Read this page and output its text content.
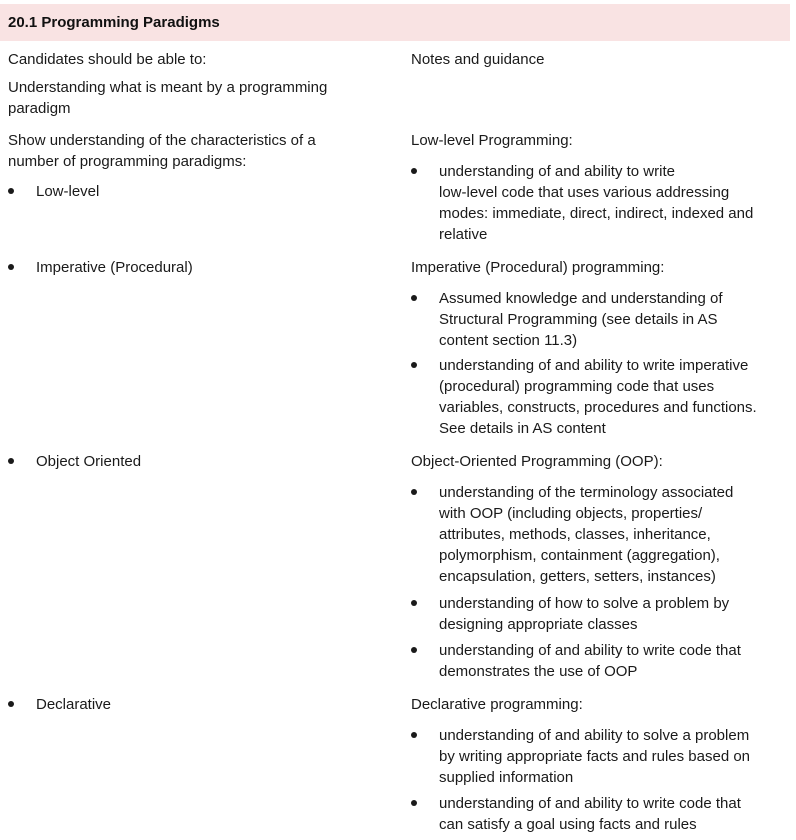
20.1 Programming Paradigms
Candidates should be able to:	Notes and guidance
Understanding what is meant by a programming
paradigm
Show understanding of the characteristics of a
number of programming paradigms:
Low-level
Imperative (Procedural)
Object Oriented
Declarative
Low-level Programming:
understanding of and ability to write
low-level code that uses various addressing
modes: immediate, direct, indirect, indexed and
relative
Imperative (Procedural) programming:
Assumed knowledge and understanding of
Structural Programming (see details in AS
content section 11.3)
understanding of and ability to write imperative
(procedural) programming code that uses
variables, constructs, procedures and functions.
See details in AS content
Object-Oriented Programming (OOP):
understanding of the terminology associated
with OOP (including objects, properties/
attributes, methods, classes, inheritance,
polymorphism, containment (aggregation),
encapsulation, getters, setters, instances)
understanding of how to solve a problem by
designing appropriate classes
understanding of and ability to write code that
demonstrates the use of OOP
Declarative programming:
understanding of and ability to solve a problem
by writing appropriate facts and rules based on
supplied information
understanding of and ability to write code that
can satisfy a goal using facts and rules
